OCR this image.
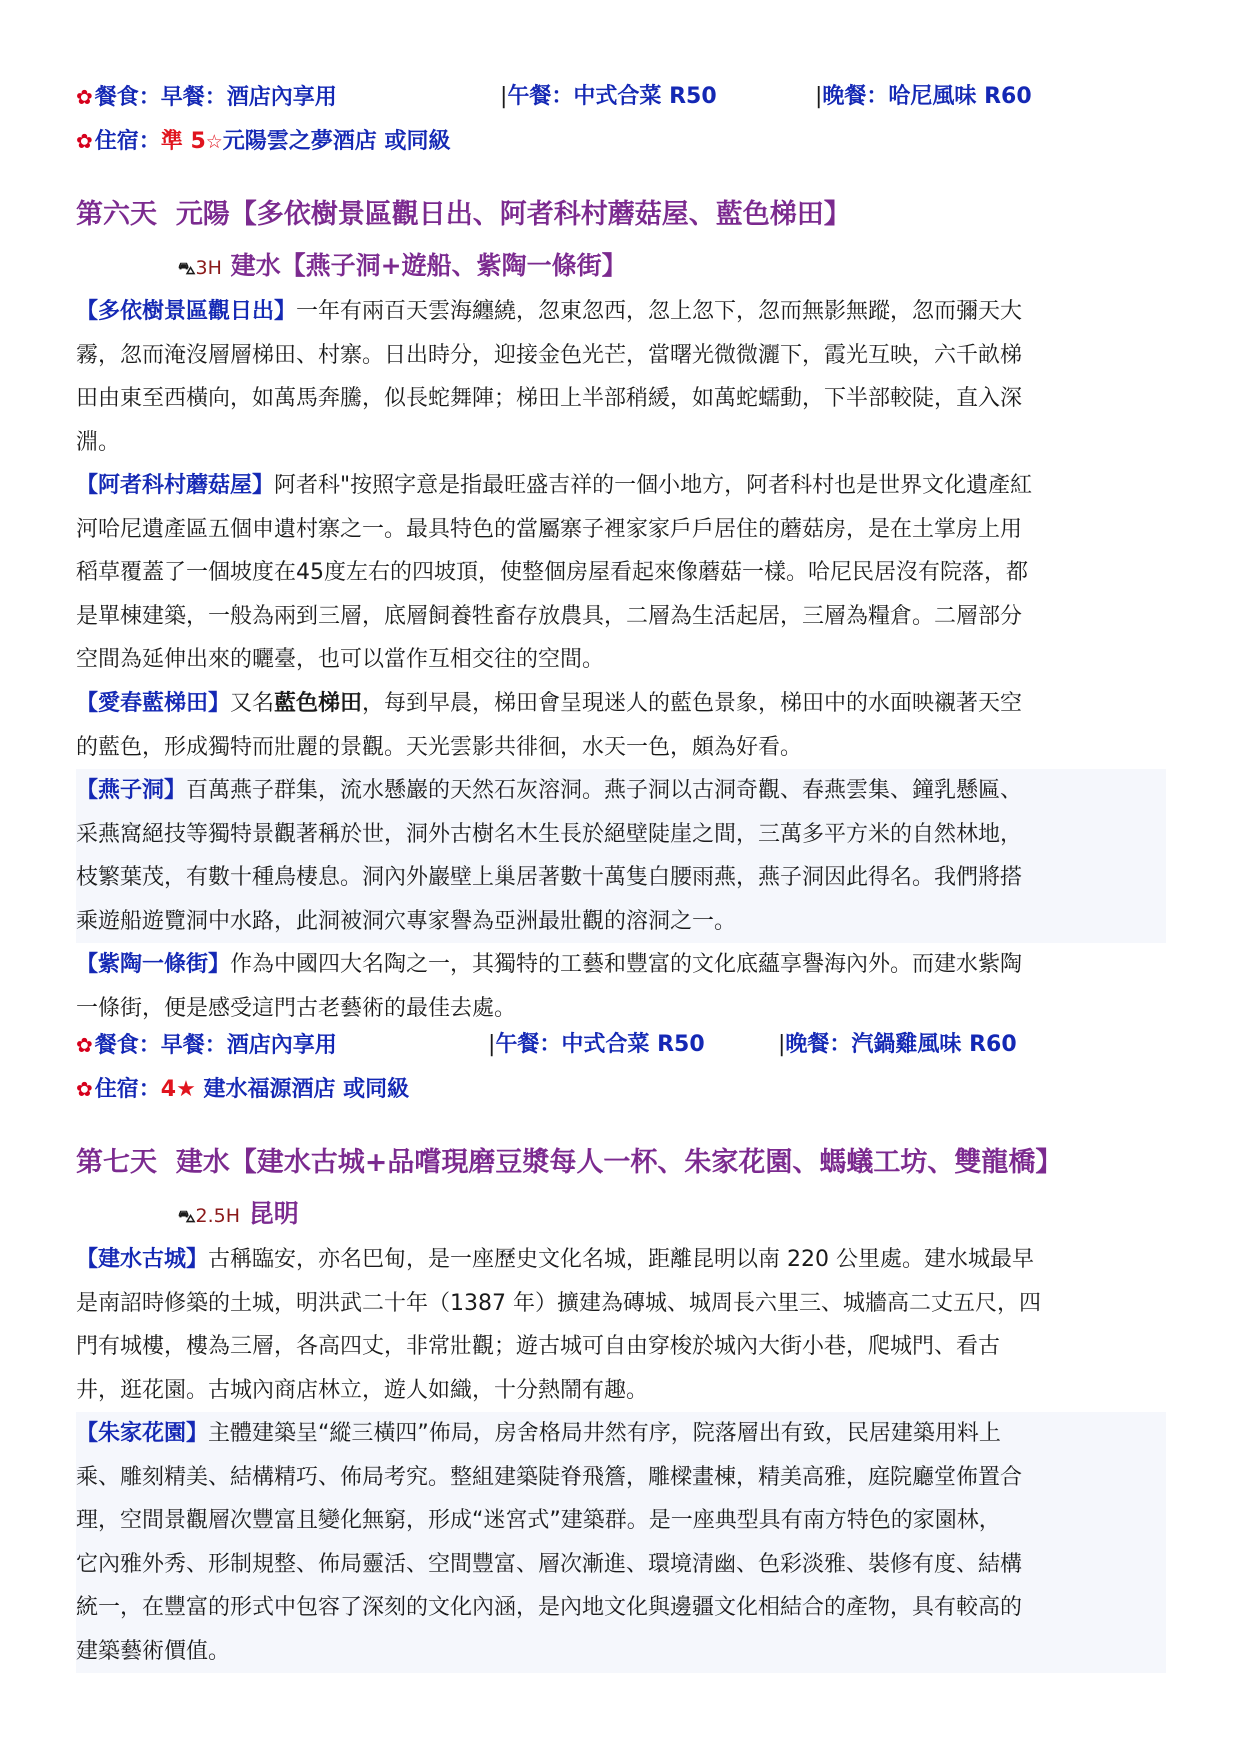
✿餐食：早餐：酒店內享用	|午餐：中式合菜 R50	|晚餐：哈尼風味 R60
✿住宿：準 5☆元陽雲之夢酒店 或同級
第六天 元陽【多依樹景區觀日出、阿者科村蘑菇屋、藍色梯田】
⛍3H 建水【燕子洞+遊船、紫陶一條街】

【多依樹景區觀日出】一年有兩百天雲海纏繞，忽東忽西，忽上忽下，忽而無影無蹤，忽而彌天大

霧，忽而淹沒層層梯田、村寨。日出時分，迎接金色光芒，當曙光微微灑下，霞光互映，六千畝梯

田由東至西橫向，如萬馬奔騰，似長蛇舞陣；梯田上半部稍緩，如萬蛇蠕動，下半部較陡，直入深

淵。

【阿者科村蘑菇屋】阿者科"按照字意是指最旺盛吉祥的一個小地方，阿者科村也是世界文化遺產紅

河哈尼遺產區五個申遺村寨之一。最具特色的當屬寨子裡家家戶戶居住的蘑菇房，是在土掌房上用

稻草覆蓋了一個坡度在45度左右的四坡頂，使整個房屋看起來像蘑菇一樣。哈尼民居沒有院落，都

是單棟建築，一般為兩到三層，底層飼養牲畜存放農具，二層為生活起居，三層為糧倉。二層部分

空間為延伸出來的曬臺，也可以當作互相交往的空間。

【愛春藍梯田】又名藍色梯田，每到早晨，梯田會呈現迷人的藍色景象，梯田中的水面映襯著天空

的藍色，形成獨特而壯麗的景觀。天光雲影共徘徊，水天一色，頗為好看。

【燕子洞】百萬燕子群集，流水懸巖的天然石灰溶洞。燕子洞以古洞奇觀、春燕雲集、鐘乳懸匾、

采燕窩絕技等獨特景觀著稱於世，洞外古樹名木生長於絕壁陡崖之間，三萬多平方米的自然林地，

枝繁葉茂，有數十種鳥棲息。洞內外巖壁上巢居著數十萬隻白腰雨燕，燕子洞因此得名。我們將搭

乘遊船遊覽洞中水路，此洞被洞穴專家譽為亞洲最壯觀的溶洞之一。

【紫陶一條街】作為中國四大名陶之一，其獨特的工藝和豐富的文化底蘊享譽海內外。而建水紫陶

一條街，便是感受這門古老藝術的最佳去處。

✿餐食：早餐：酒店內享用	|午餐：中式合菜 R50	|晚餐：汽鍋雞風味 R60
✿住宿：4★ 建水福源酒店 或同級
第七天 建水【建水古城+品嚐現磨豆漿每人一杯、朱家花園、螞蟻工坊、雙龍橋】
⛍2.5H 昆明

【建水古城】古稱臨安，亦名巴甸，是一座歷史文化名城，距離昆明以南 220 公里處。建水城最早

是南詔時修築的土城，明洪武二十年（1387 年）擴建為磚城、城周長六里三、城牆高二丈五尺，四

門有城樓，樓為三層，各高四丈，非常壯觀；遊古城可自由穿梭於城內大街小巷，爬城門、看古

井，逛花園。古城內商店林立，遊人如織，十分熱鬧有趣。

【朱家花園】主體建築呈“縱三橫四”佈局，房舍格局井然有序，院落層出有致，民居建築用料上

乘、雕刻精美、結構精巧、佈局考究。整組建築陡脊飛簷，雕樑畫棟，精美高雅，庭院廳堂佈置合

理，空間景觀層次豐富且變化無窮，形成“迷宮式”建築群。是一座典型具有南方特色的家園林，

它內雅外秀、形制規整、佈局靈活、空間豐富、層次漸進、環境清幽、色彩淡雅、裝修有度、結構

統一，在豐富的形式中包容了深刻的文化內涵，是內地文化與邊疆文化相結合的產物，具有較高的

建築藝術價值。
